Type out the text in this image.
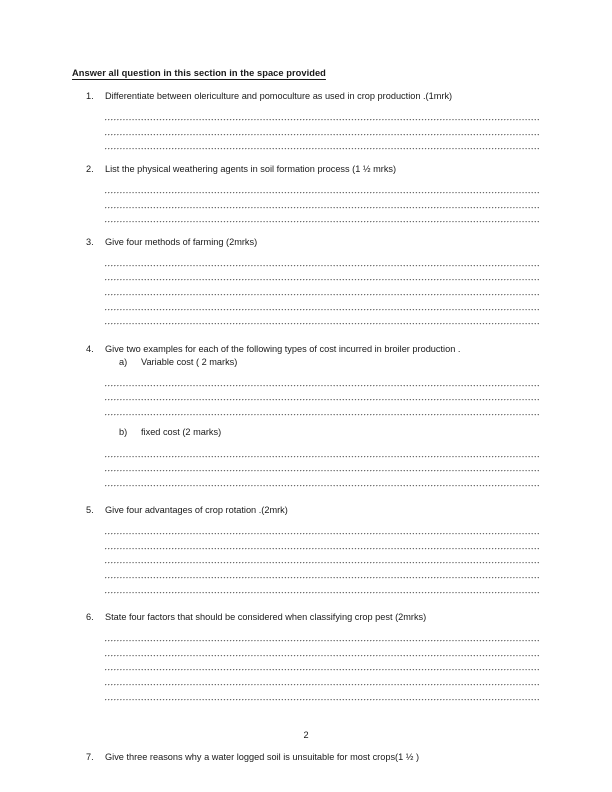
Answer all question in this section in the space provided
1.	Differentiate between olericulture and pomoculture as used in crop production .(1mrk)
2.	List the physical weathering agents in soil formation process (1 ½ mrks)
3.	Give four methods of farming (2mrks)
4.	Give two examples for each of the following types of cost incurred in broiler production .
a)	Variable cost ( 2 marks)
b)	fixed cost (2 marks)
5.	Give four advantages of crop rotation .(2mrk)
6.	State four factors that should be considered when classifying crop pest (2mrks)
7.	Give three reasons why a water logged soil is unsuitable for most crops(1 ½ )
2
